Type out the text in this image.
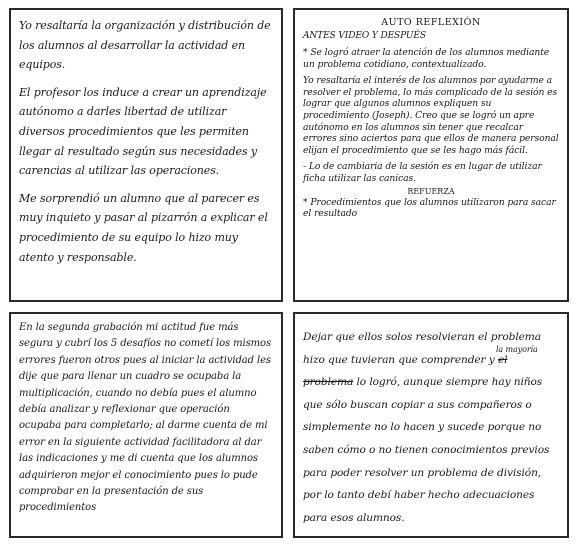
Yo resaltaría la organización y distribución de los alumnos al desarrollar la actividad en equipos.

El profesor los induce a crear un aprendizaje autónomo a darles libertad de utilizar diversos procedimientos que les permiten llegar al resultado según sus necesidades y carencias al utilizar las operaciones.

Me sorprendió un alumno que al parecer es muy inquieto y pasar al pizarrón a explicar el procedimiento de su equipo lo hizo muy atento y responsable.

AUTO REFLEXIÓN

ANTES VIDEO Y DESPUÉS

* Se logró atraer la atención de los alumnos mediante un problema cotidiano, contextualizado.

Yo resaltaría el interés de los alumnos por ayudarme a resolver el problema, lo más complicado de la sesión es lograr que algunos alumnos expliquen su procedimiento (Joseph). Creo que se logró un apre autónomo en los alumnos sin tener que recalcar errores sino aciertos para que ellos de manera personal elijan el procedimiento que se les hago más fácil.

- Lo de cambiaria de la sesión es en lugar de utilizar ficha utilizar las canicas.

REFUERZA

* Procedimientos que los alumnos utilizaron para sacar el resultado

En la segunda grabación mi actitud fue más segura y cubrí los 5 desafíos no cometí los mismos errores fueron otros pues al iniciar la actividad les dije que para llenar un cuadro se ocupaba la multiplicación, cuando no debía pues el alumno debía analizar y reflexionar que operación ocupaba para completarlo; al darme cuenta de mi error en la siguiente actividad facilitadora al dar las indicaciones y me di cuenta que los alumnos adquirieron mejor el conocimiento pues lo pude comprobar en la presentación de sus procedimientos

Dejar que ellos solos resolvieran el problema hizo que tuvieran que comprender y
la mayoría
el problema lo logró, aunque siempre hay niños que sólo buscan copiar a sus compañeros o simplemente no lo hacen y sucede porque no saben cómo o no tienen conocimientos previos para poder resolver un problema de división, por lo tanto debí haber hecho adecuaciones para esos alumnos.
